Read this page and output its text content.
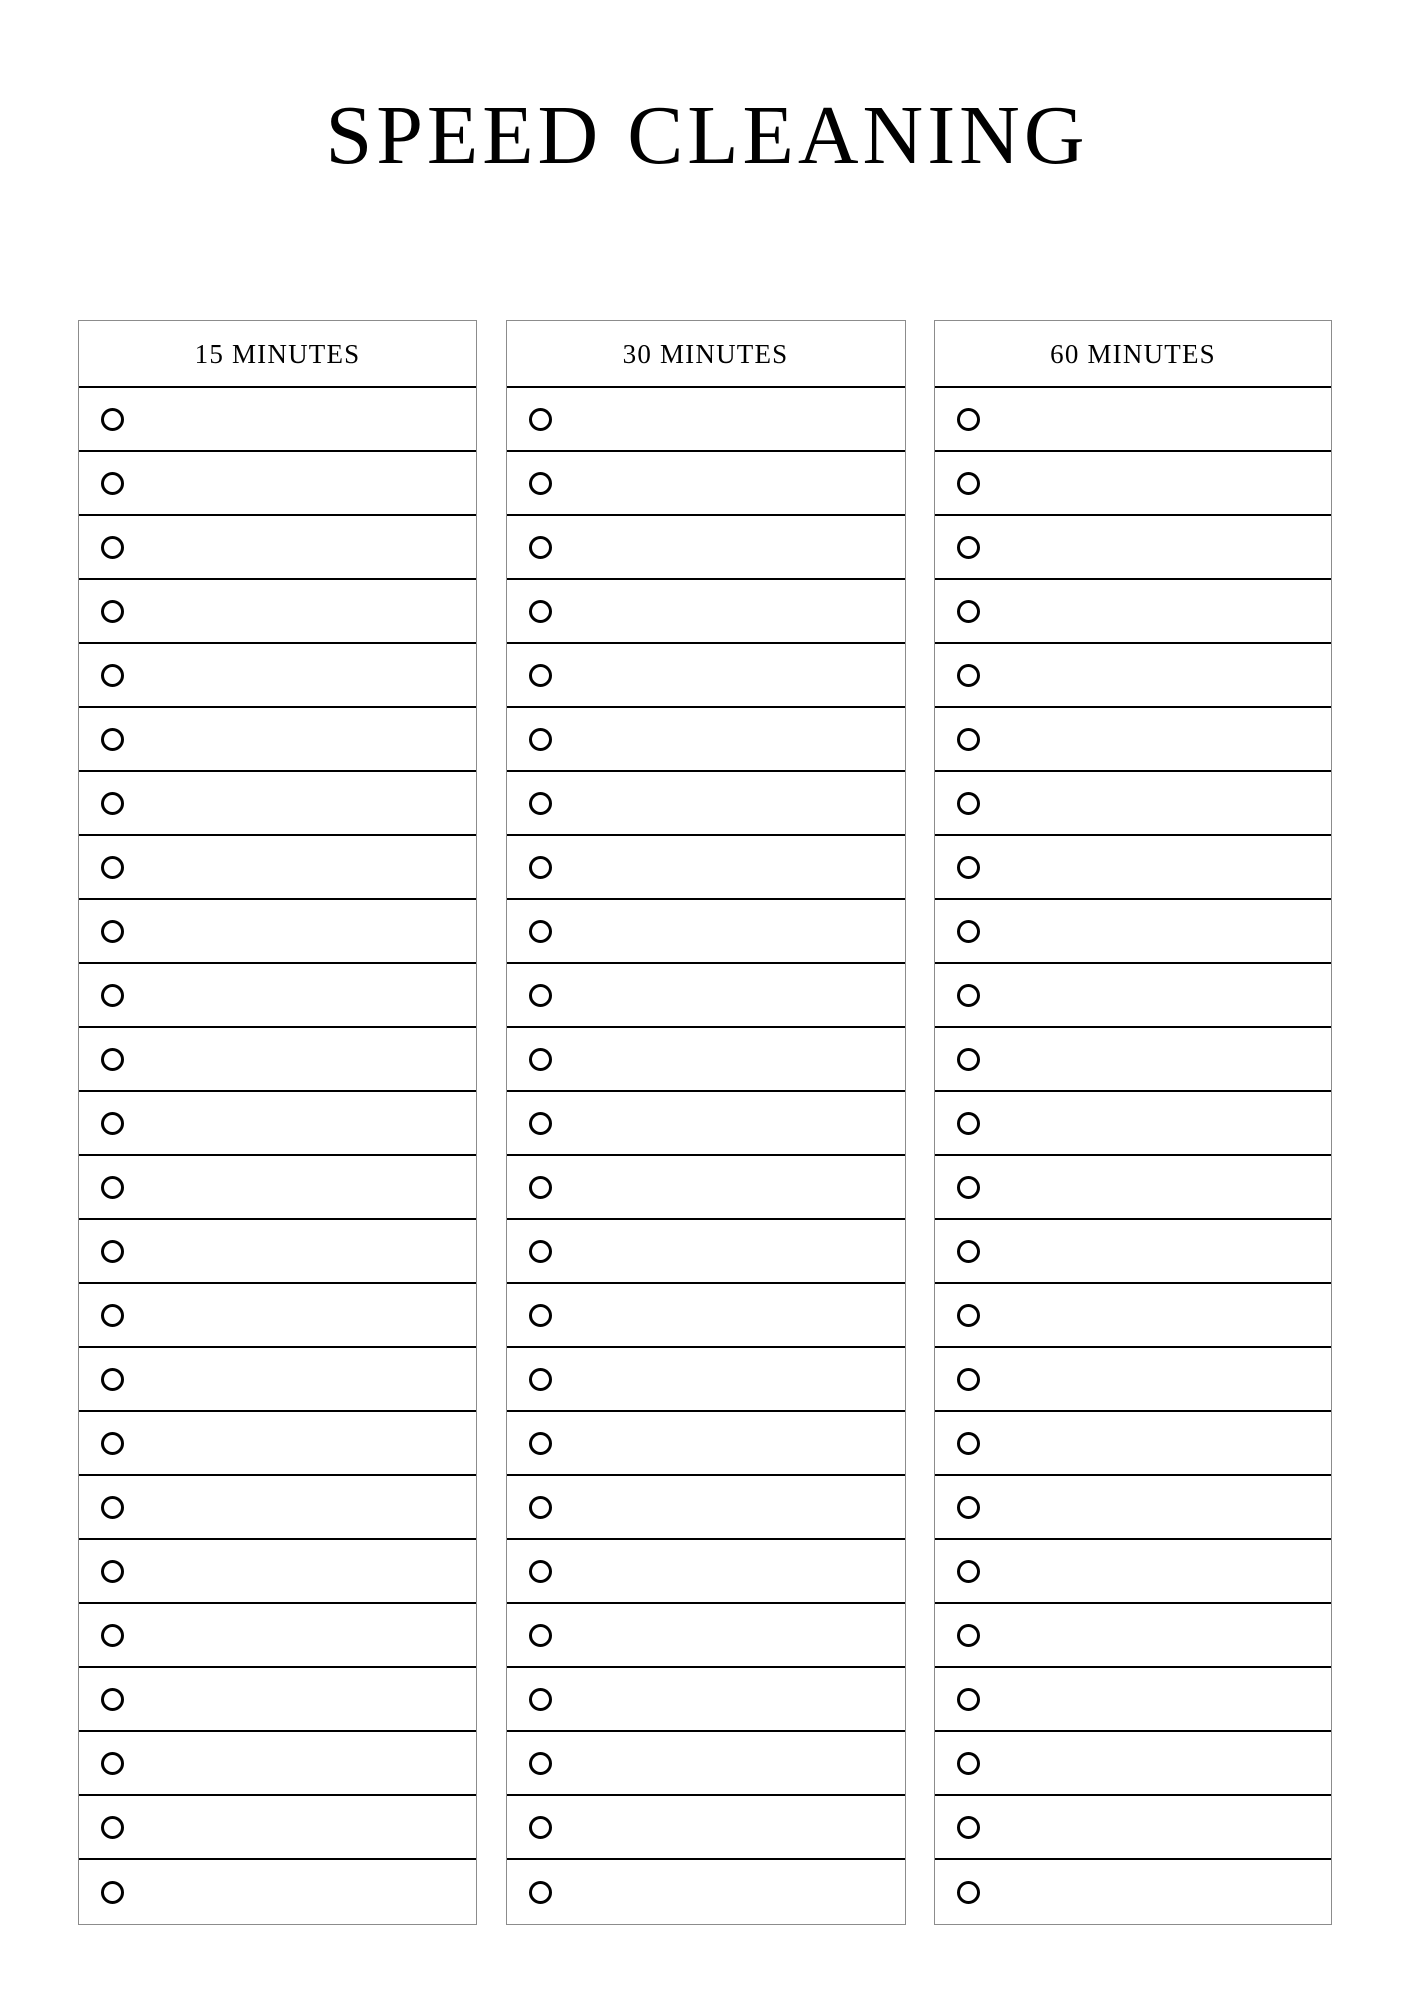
SPEED CLEANING
15 MINUTES	30 MINUTES	60 MINUTES
